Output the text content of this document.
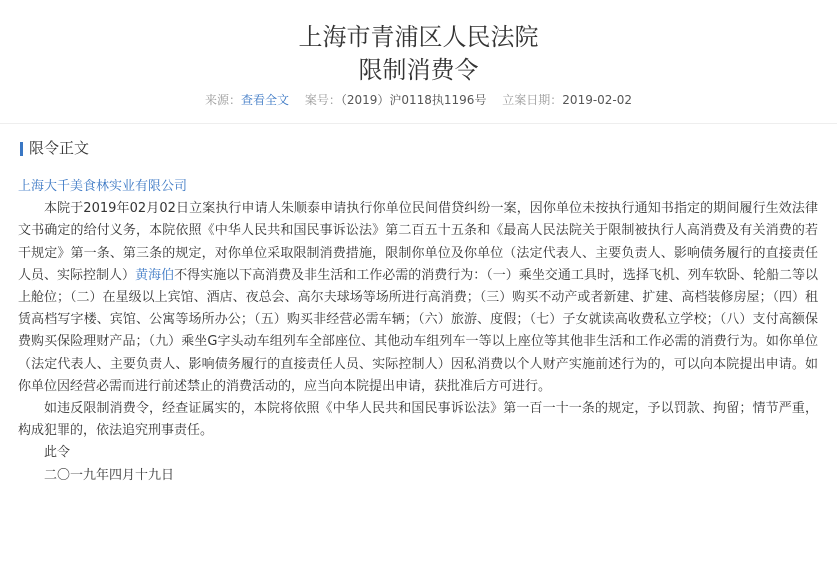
上海市青浦区人民法院
限制消费令
来源：查看全文 案号：（2019）沪0118执1196号 立案日期：2019-02-02
限令正文

上海大千美食林实业有限公司

本院于2019年02月02日立案执行申请人朱顺泰申请执行你单位民间借贷纠纷一案，因你单位未按执行通知书指定的期间履行生效法律文书确定的给付义务，本院依照《中华人民共和国民事诉讼法》第二百五十五条和《最高人民法院关于限制被执行人高消费及有关消费的若干规定》第一条、第三条的规定，对你单位采取限制消费措施，限制你单位及你单位（法定代表人、主要负责人、影响债务履行的直接责任人员、实际控制人）黄海伯不得实施以下高消费及非生活和工作必需的消费行为：（一）乘坐交通工具时，选择飞机、列车软卧、轮船二等以上舱位；（二）在星级以上宾馆、酒店、夜总会、高尔夫球场等场所进行高消费；（三）购买不动产或者新建、扩建、高档装修房屋；（四）租赁高档写字楼、宾馆、公寓等场所办公；（五）购买非经营必需车辆；（六）旅游、度假；（七）子女就读高收费私立学校；（八）支付高额保费购买保险理财产品；（九）乘坐G字头动车组列车全部座位、其他动车组列车一等以上座位等其他非生活和工作必需的消费行为。如你单位（法定代表人、主要负责人、影响债务履行的直接责任人员、实际控制人）因私消费以个人财产实施前述行为的，可以向本院提出申请。如你单位因经营必需而进行前述禁止的消费活动的，应当向本院提出申请，获批准后方可进行。

如违反限制消费令，经查证属实的，本院将依照《中华人民共和国民事诉讼法》第一百一十一条的规定，予以罚款、拘留；情节严重，构成犯罪的，依法追究刑事责任。

此令

二〇一九年四月十九日
